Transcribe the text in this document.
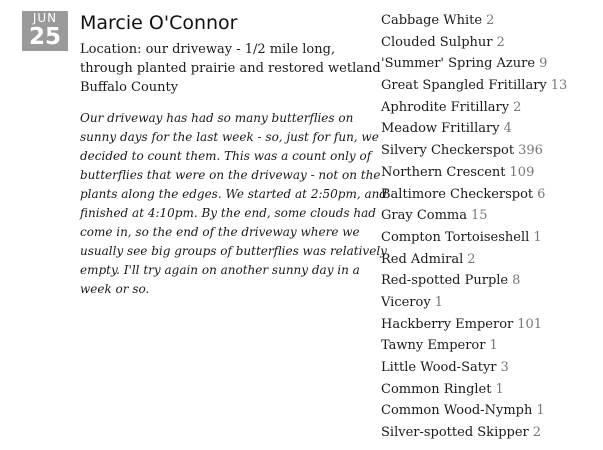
JUN
25
Marcie O'Connor
Location: our driveway - 1/2 mile long,
through planted prairie and restored wetland
Buffalo County
Our driveway has had so many butterflies on
sunny days for the last week - so, just for fun, we
decided to count them. This was a count only of
butterflies that were on the driveway - not on the
plants along the edges. We started at 2:50pm, and
finished at 4:10pm. By the end, some clouds had
come in, so the end of the driveway where we
usually see big groups of butterflies was relatively
empty. I'll try again on another sunny day in a
week or so.
Cabbage White 2
Clouded Sulphur 2
'Summer' Spring Azure 9
Great Spangled Fritillary 13
Aphrodite Fritillary 2
Meadow Fritillary 4
Silvery Checkerspot 396
Northern Crescent 109
Baltimore Checkerspot 6
Gray Comma 15
Compton Tortoiseshell 1
Red Admiral 2
Red-spotted Purple 8
Viceroy 1
Hackberry Emperor 101
Tawny Emperor 1
Little Wood-Satyr 3
Common Ringlet 1
Common Wood-Nymph 1
Silver-spotted Skipper 2
